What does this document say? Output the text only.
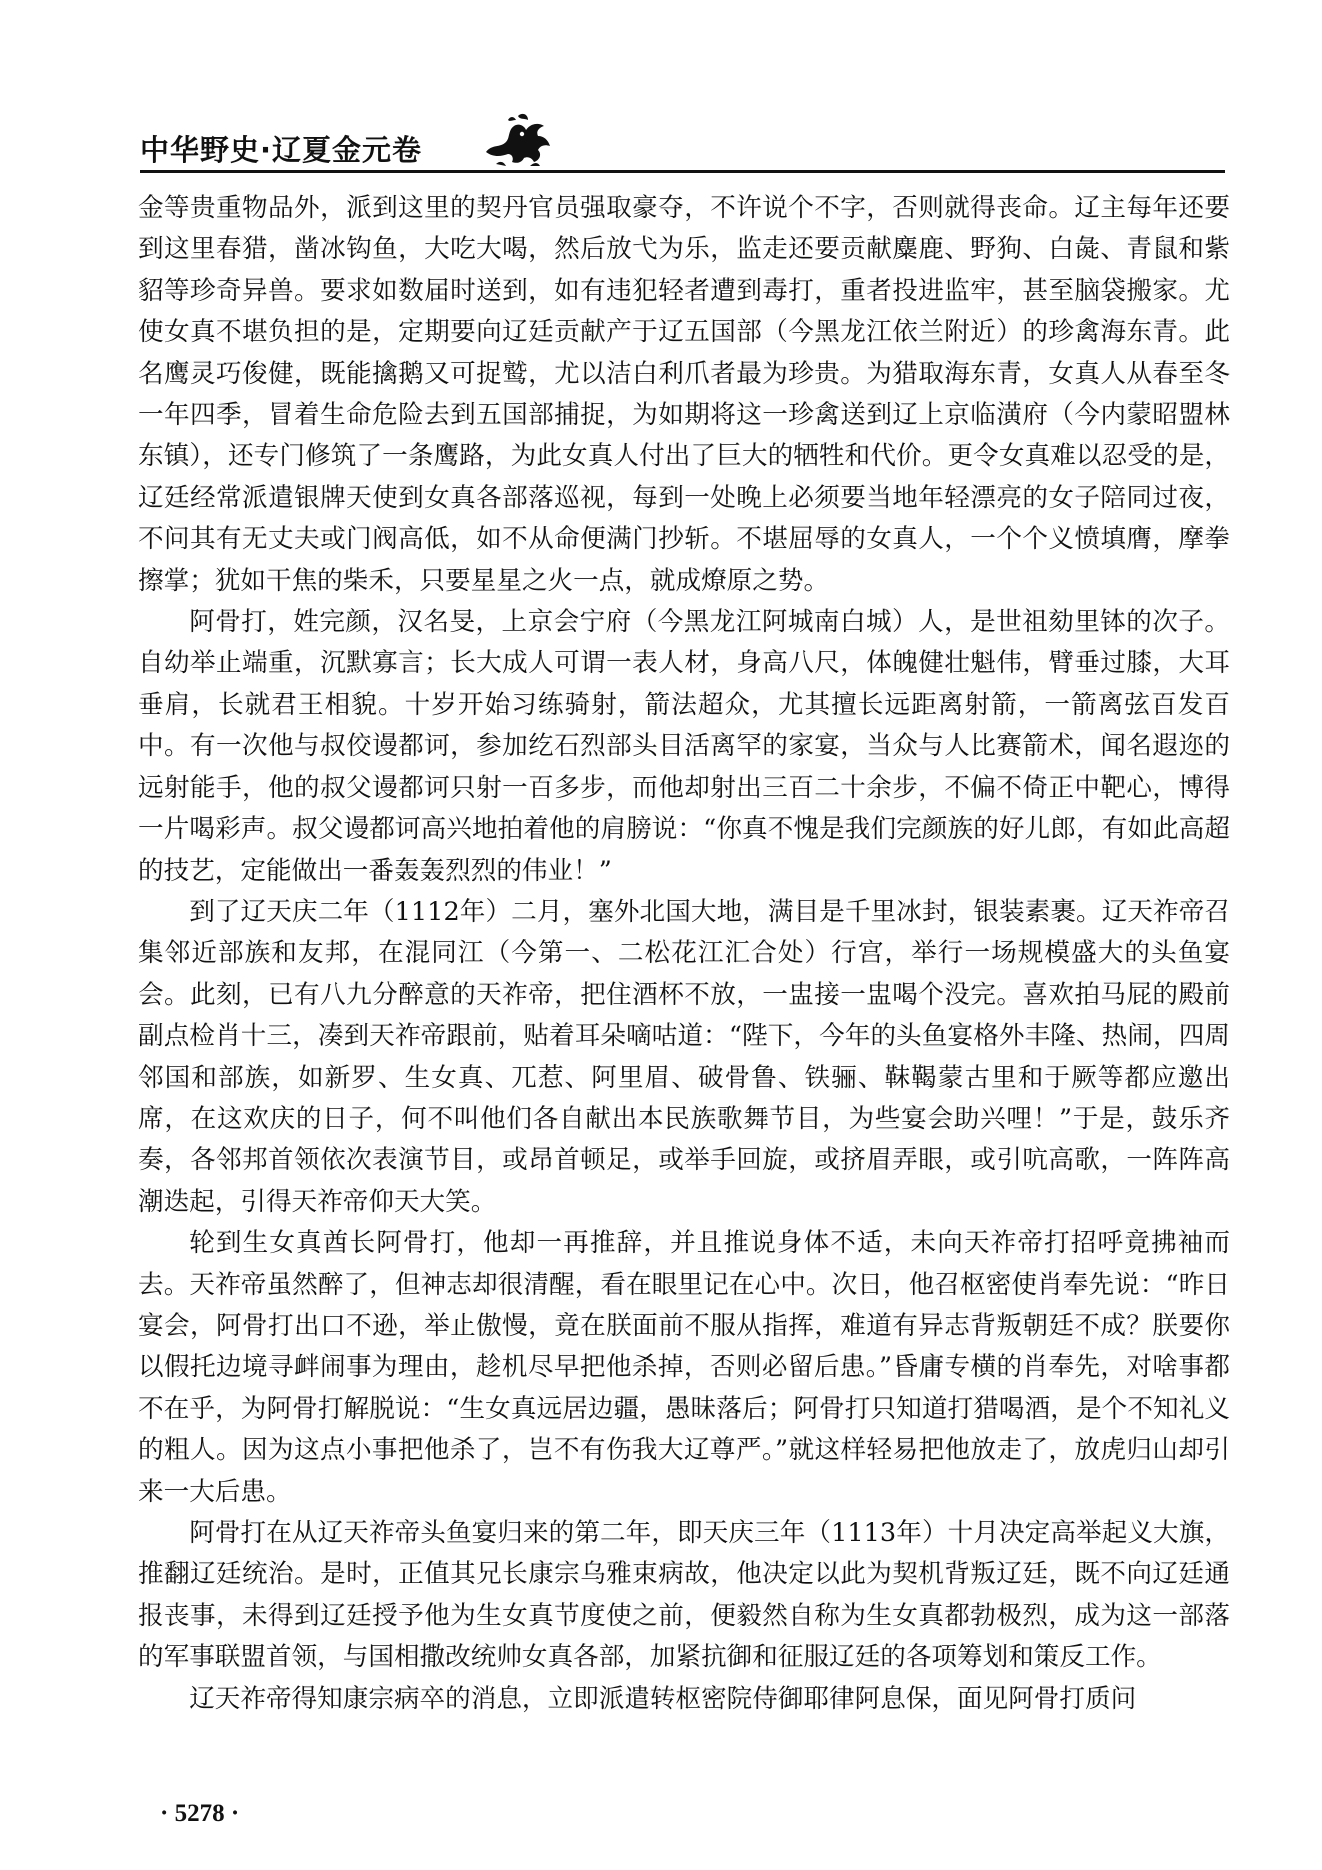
中华野史·辽夏金元卷

金等贵重物品外，派到这里的契丹官员强取豪夺，不许说个不字，否则就得丧命。辽主每年还要到这里春猎，凿冰钩鱼，大吃大喝，然后放弋为乐，监走还要贡献麋鹿、野狗、白彘、青鼠和紫貂等珍奇异兽。要求如数届时送到，如有违犯轻者遭到毒打，重者投进监牢，甚至脑袋搬家。尤使女真不堪负担的是，定期要向辽廷贡献产于辽五国部（今黑龙江依兰附近）的珍禽海东青。此名鹰灵巧俊健，既能擒鹅又可捉鹫，尤以洁白利爪者最为珍贵。为猎取海东青，女真人从春至冬一年四季，冒着生命危险去到五国部捕捉，为如期将这一珍禽送到辽上京临潢府（今内蒙昭盟林东镇），还专门修筑了一条鹰路，为此女真人付出了巨大的牺牲和代价。更令女真难以忍受的是，辽廷经常派遣银牌天使到女真各部落巡视，每到一处晚上必须要当地年轻漂亮的女子陪同过夜，不问其有无丈夫或门阀高低，如不从命便满门抄斩。不堪屈辱的女真人，一个个义愤填膺，摩拳擦掌；犹如干焦的柴禾，只要星星之火一点，就成燎原之势。

阿骨打，姓完颜，汉名旻，上京会宁府（今黑龙江阿城南白城）人，是世祖劾里钵的次子。自幼举止端重，沉默寡言；长大成人可谓一表人材，身高八尺，体魄健壮魁伟，臂垂过膝，大耳垂肩，长就君王相貌。十岁开始习练骑射，箭法超众，尤其擅长远距离射箭，一箭离弦百发百中。有一次他与叔佼谩都诃，参加纥石烈部头目活离罕的家宴，当众与人比赛箭术，闻名遐迩的远射能手，他的叔父谩都诃只射一百多步，而他却射出三百二十余步，不偏不倚正中靶心，博得一片喝彩声。叔父谩都诃高兴地拍着他的肩膀说：“你真不愧是我们完颜族的好儿郎，有如此高超的技艺，定能做出一番轰轰烈烈的伟业！”

到了辽天庆二年（1112年）二月，塞外北国大地，满目是千里冰封，银装素裹。辽天祚帝召集邻近部族和友邦，在混同江（今第一、二松花江汇合处）行宫，举行一场规模盛大的头鱼宴会。此刻，已有八九分醉意的天祚帝，把住酒杯不放，一盅接一盅喝个没完。喜欢拍马屁的殿前副点检肖十三，凑到天祚帝跟前，贴着耳朵嘀咕道：“陛下，今年的头鱼宴格外丰隆、热闹，四周邻国和部族，如新罗、生女真、兀惹、阿里眉、破骨鲁、铁骊、靺鞨蒙古里和于厥等都应邀出席，在这欢庆的日子，何不叫他们各自献出本民族歌舞节目，为些宴会助兴哩！”于是，鼓乐齐奏，各邻邦首领依次表演节目，或昂首顿足，或举手回旋，或挤眉弄眼，或引吭高歌，一阵阵高潮迭起，引得天祚帝仰天大笑。

轮到生女真酋长阿骨打，他却一再推辞，并且推说身体不适，未向天祚帝打招呼竟拂袖而去。天祚帝虽然醉了，但神志却很清醒，看在眼里记在心中。次日，他召枢密使肖奉先说：“昨日宴会，阿骨打出口不逊，举止傲慢，竟在朕面前不服从指挥，难道有异志背叛朝廷不成？朕要你以假托边境寻衅闹事为理由，趁机尽早把他杀掉，否则必留后患。”昏庸专横的肖奉先，对啥事都不在乎，为阿骨打解脱说：“生女真远居边疆，愚昧落后；阿骨打只知道打猎喝酒，是个不知礼义的粗人。因为这点小事把他杀了，岂不有伤我大辽尊严。”就这样轻易把他放走了，放虎归山却引来一大后患。

阿骨打在从辽天祚帝头鱼宴归来的第二年，即天庆三年（1113年）十月决定高举起义大旗，推翻辽廷统治。是时，正值其兄长康宗乌雅束病故，他决定以此为契机背叛辽廷，既不向辽廷通报丧事，未得到辽廷授予他为生女真节度使之前，便毅然自称为生女真都勃极烈，成为这一部落的军事联盟首领，与国相撒改统帅女真各部，加紧抗御和征服辽廷的各项筹划和策反工作。

辽天祚帝得知康宗病卒的消息，立即派遣转枢密院侍御耶律阿息保，面见阿骨打质问

· 5278 ·
